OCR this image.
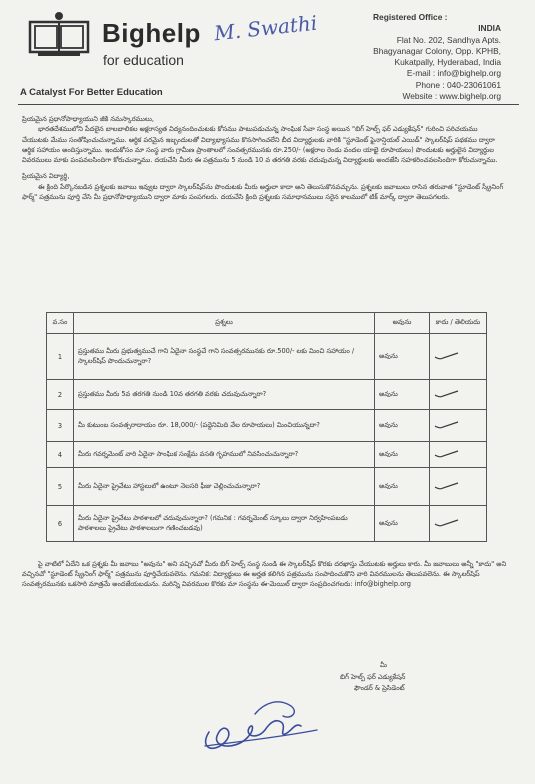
Bighelp
for education
A Catalyst For Better Education
M. Swathi	Registered Office :
INDIA
Flat No. 202, Sandhya Apts.
Bhagyanagar Colony, Opp. KPHB,
Kukatpally, Hyderabad, India
E-mail : info@bighelp.org
Phone : 040-23061061
Website : www.bighelp.org

ప్రియమైన ప్రధానోపాధ్యాయుని జీకి నమస్కారములు,

భారతదేశములోని పేదలైన బాలబాలికల అక్షరాస్యత విద్యనందించుటకు కోసము పాటుపడుచున్న సాంఘిక సేవా సంస్థ అయిన "బిగ్ హెల్ప్ ఫర్ ఎడ్యుకేషన్" గురించి పరిచయము చేయుటకు మేము సంతోషించుచున్నాము. ఆర్థిక పరమైన ఇబ్బందులతో విద్యాభ్యాసము కొనసాగించలేని బీద విద్యార్థులకు వారికి "స్టూడెంట్ ఫైనాన్షియల్ ఎయిడ్" స్కాలర్‌షిప్ పథకము ద్వారా ఆర్థిక సహాయం అందిస్తున్నాము. ఇందుకోసం మా సంస్థ వారు గ్రామీణ ప్రాంతాలలో సంవత్సరమునకు రూ.250/- (అక్షరాల రెండు వందల యాభై రూపాయలు) పొందుటకు అర్హులైన విద్యార్థుల వివరములు మాకు పంపవలసిందిగా కోరుచున్నాము. దయచేసి మీరు ఈ పత్రమును 5 నుండి 10 వ తరగతి వరకు చదువుచున్న విద్యార్థులకు అందజేసి సహకరించవలసిందిగా కోరుచున్నాము.

ప్రియమైన విద్యార్థి,

ఈ క్రింది పేర్కొనబడిన ప్రశ్నలకు జవాబు ఇవ్వుట ద్వారా స్కాలర్‌షిప్‌ను పొందుటకు మీరు అర్హులా కాదా అని తెలుసుకొనవచ్చును. ప్రశ్నలకు జవాబులు రాసిన తరువాత "స్టూడెంట్ స్క్రీనింగ్ ఫార్మ్" పత్రమును పూర్తి చేసి మీ ప్రధానోపాధ్యాయుని ద్వారా మాకు పంపగలరు. దయచేసి క్రింది ప్రశ్నలకు సమాధానములు సరైన కాలములో టిక్ మార్క్ ద్వారా తెలుపగలరు.

వ.సం	ప్రశ్నలు	అవును	కాదు / తెలియదు
1	ప్రస్తుతము మీరు ప్రభుత్వముచే గాని ఏదైనా సంస్థచే గాని సంవత్సరమునకు రూ.500/- లకు మించి సహాయం / స్కాలర్‌షిప్ పొందుచున్నారా?	అవును	
2	ప్రస్తుతము మీరు 5వ తరగతి నుండి 10వ తరగతి వరకు చదువుచున్నారా?	అవును	
3	మీ కుటుంబ సంవత్సరాదాయం రూ. 18,000/- (పద్దెనిమిది వేల రూపాయలు) మించియున్నదా?	అవును	
4	మీరు గవర్నమెంట్ వారి ఏదైనా సాంఘిక సంక్షేమ వసతి గృహములో నివసించుచున్నారా?	అవును	
5	మీరు ఏదైనా ప్రైవేటు హాస్టలులో ఉంటూ నెలసరి ఫీజు చెల్లించుచున్నారా?	అవును	
6	మీరు ఏదైనా ప్రైవేటు పాఠశాలలో చదువుచున్నారా? (గమనిక : గవర్నమెంట్ స్కూలు ద్వారా నిర్వహింపబడు పాఠశాలలు ప్రైవేటు పాఠశాలలుగా గణించబడవు)	అవును	

పై వాటిలో ఏదేని ఒక ప్రశ్నకు మీ జవాబు "అవును" అని వచ్చినచో మీరు బిగ్ హెల్ప్ సంస్థ నుండి ఈ స్కాలర్‌షిప్ కొరకు దరఖాస్తు చేయుటకు అర్హులు కారు. మీ జవాబులు అన్నీ "కాదు" అని వచ్చినచో "స్టూడెంట్ స్క్రీనింగ్ ఫార్మ్" పత్రమును పూర్తిచేయవలెను. గమనిక: విద్యార్థులు ఈ అర్హత కలిగిన పత్రమును సంపాదించుకొని వారి వివరములను తెలుపవలెను. ఈ స్కాలర్‌షిప్ సంవత్సరమునకు ఒకసారి మాత్రమే అందజేయబడును. మరిన్ని వివరముల కొరకు మా సంస్థను ఈ-మెయిల్ ద్వారా సంప్రదించగలరు: info@bighelp.org

మీ
బిగ్ హెల్ప్ ఫర్ ఎడ్యుకేషన్
ఫౌండర్ & ప్రెసిడెంట్
